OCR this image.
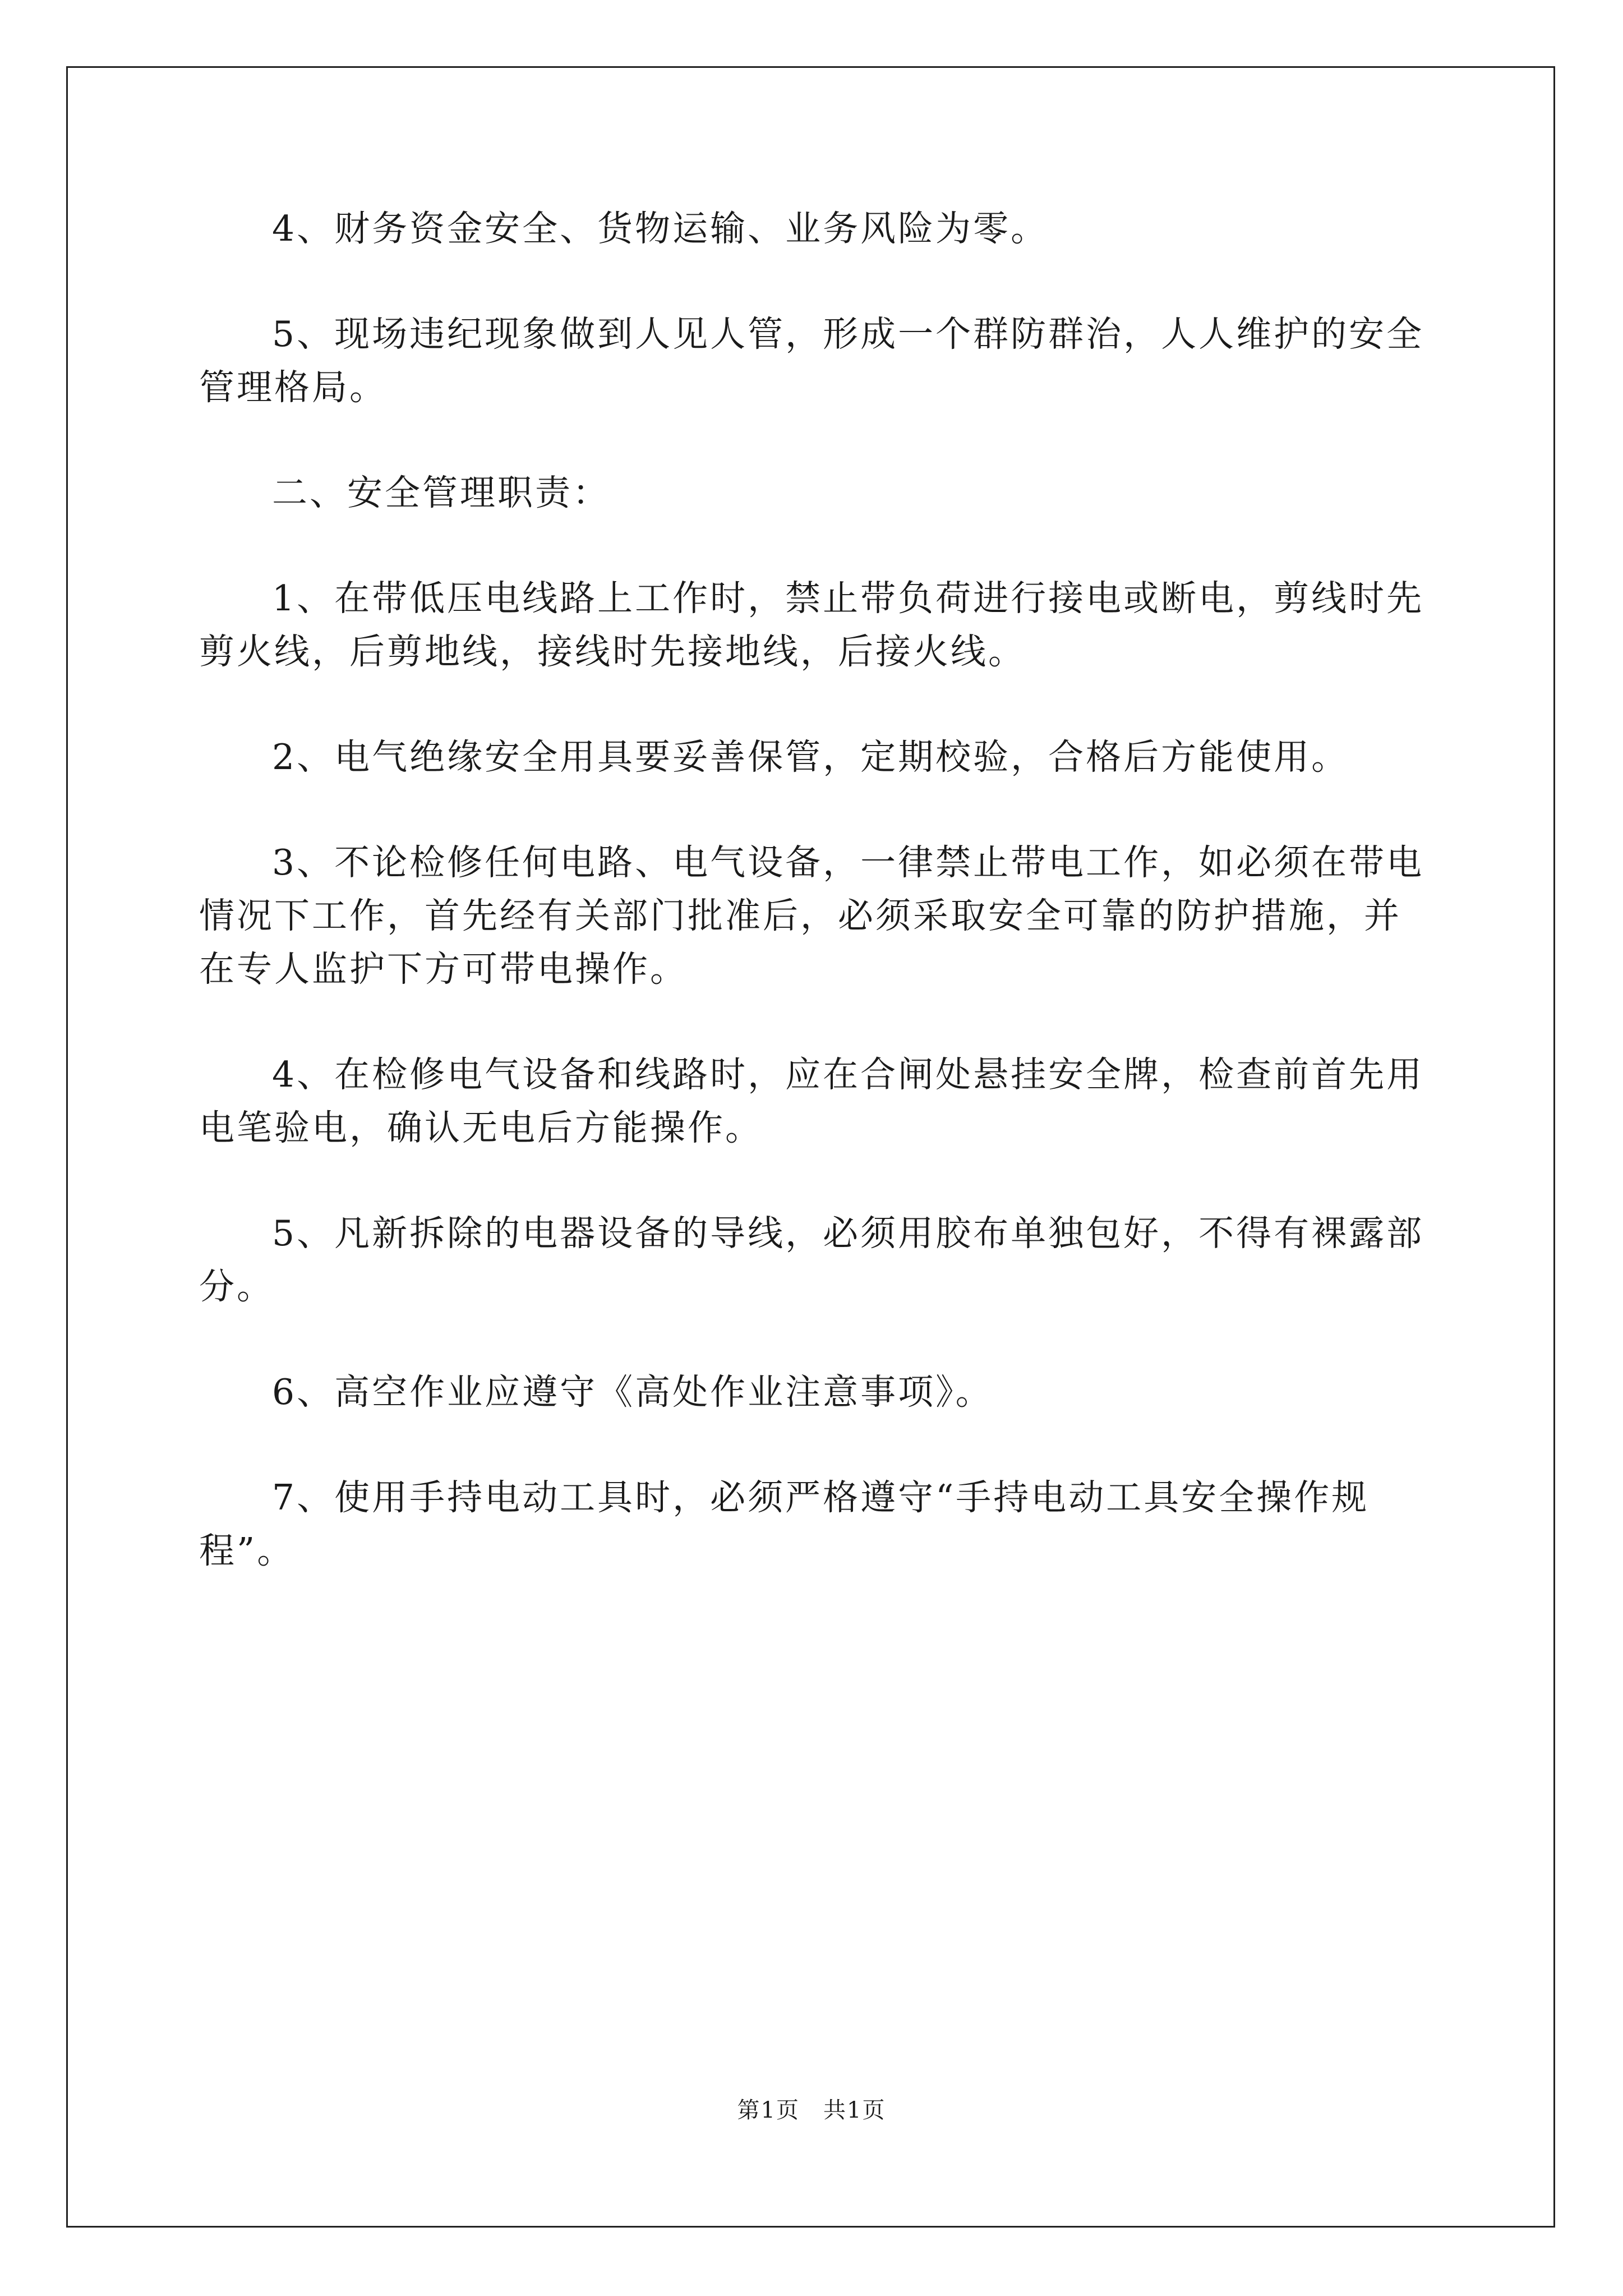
4、财务资金安全、货物运输、业务风险为零。

5、现场违纪现象做到人见人管，形成一个群防群治，人人维护的安全管理格局。

二、安全管理职责：

1、在带低压电线路上工作时，禁止带负荷进行接电或断电，剪线时先剪火线，后剪地线，接线时先接地线，后接火线。

2、电气绝缘安全用具要妥善保管，定期校验，合格后方能使用。

3、不论检修任何电路、电气设备，一律禁止带电工作，如必须在带电情况下工作，首先经有关部门批准后，必须采取安全可靠的防护措施，并在专人监护下方可带电操作。

4、在检修电气设备和线路时，应在合闸处悬挂安全牌，检查前首先用电笔验电，确认无电后方能操作。

5、凡新拆除的电器设备的导线，必须用胶布单独包好，不得有裸露部分。

6、高空作业应遵守《高处作业注意事项》。

7、使用手持电动工具时，必须严格遵守“手持电动工具安全操作规程”。

第1页　共1页
